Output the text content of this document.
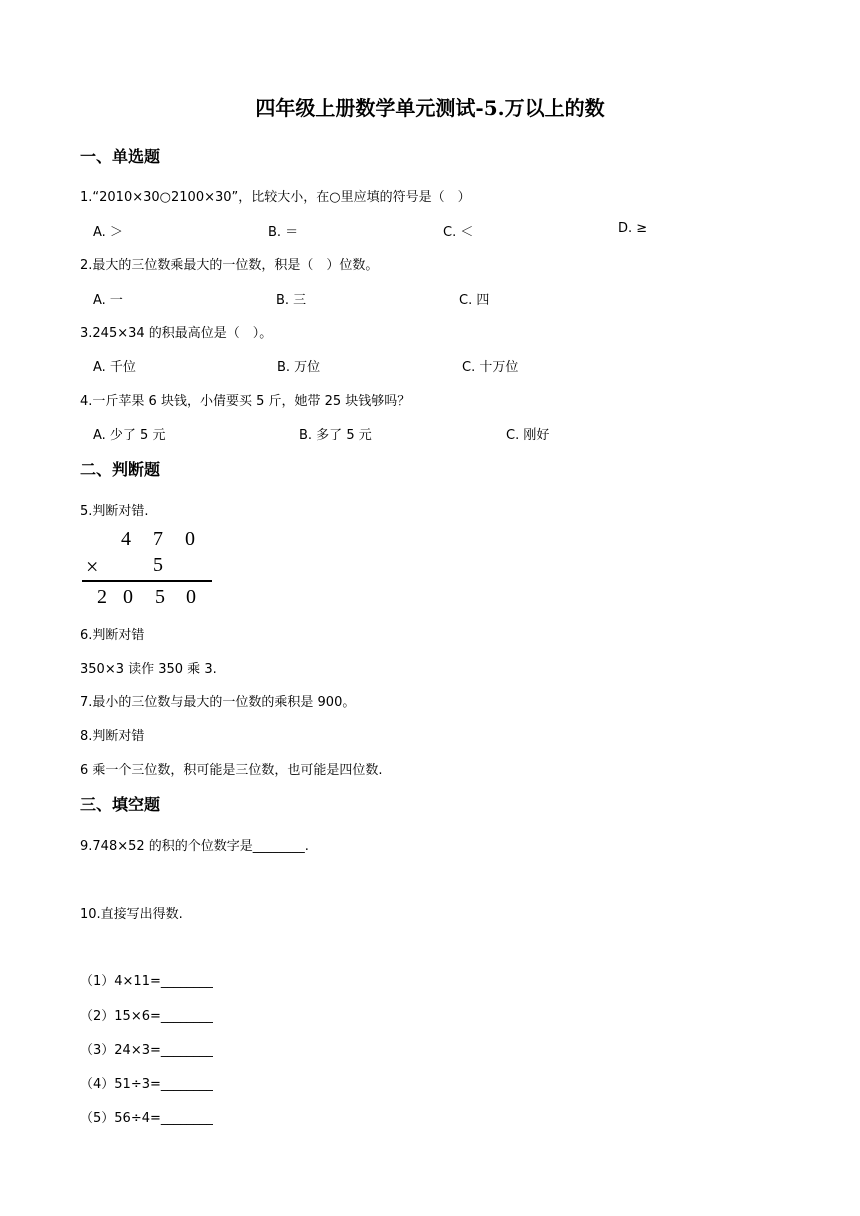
四年级上册数学单元测试-5.万以上的数
一、单选题
1.“2010×30○2100×30”，比较大小，在○里应填的符号是（　）
A. ＞	B. ＝	C. ＜	D. ≥
2.最大的三位数乘最大的一位数，积是（　）位数。
A. 一	B. 三	C. 四
3.245×34 的积最高位是（　）。
A. 千位	B. 万位	C. 十万位
4.一斤苹果 6 块钱，小倩要买 5 斤，她带 25 块钱够吗？
A. 少了 5 元	B. 多了 5 元	C. 刚好
二、判断题
5.判断对错.
4 7 0
×	5
2 0 5 0
6.判断对错
350×3 读作 350 乘 3.
7.最小的三位数与最大的一位数的乘积是 900。
8.判断对错
6 乘一个三位数，积可能是三位数，也可能是四位数.
三、填空题
9.748×52 的积的个位数字是________.
10.直接写出得数.
（1）4×11=________
（2）15×6=________
（3）24×3=________
（4）51÷3=________
（5）56÷4=________
